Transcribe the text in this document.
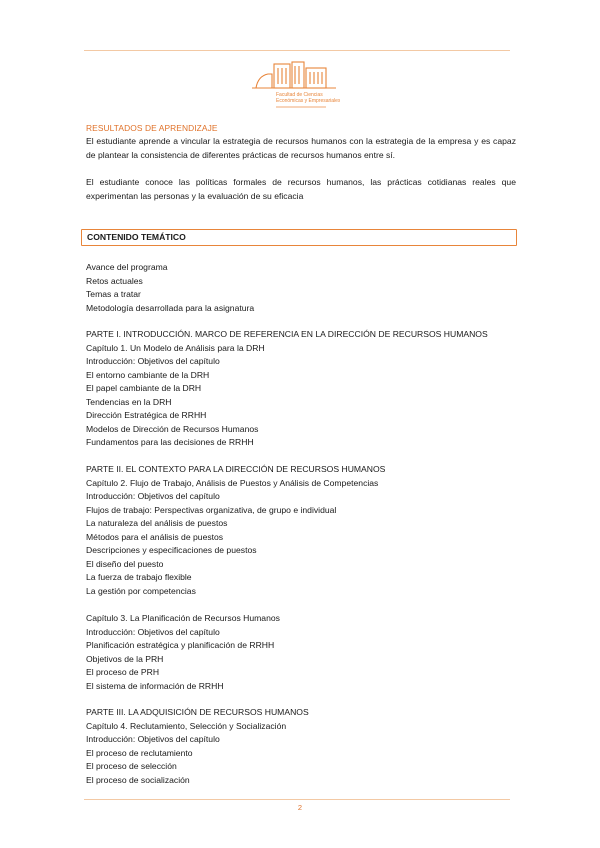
Facultad de Ciencias
Económicas y Empresariales
RESULTADOS DE APRENDIZAJE
El estudiante aprende a vincular la estrategia de recursos humanos con la estrategia de la empresa y es capaz de plantear la consistencia de diferentes prácticas de recursos humanos entre sí.
El estudiante conoce las políticas formales de recursos humanos, las prácticas cotidianas reales que experimentan las personas y la evaluación de su eficacia
CONTENIDO TEMÁTICO
Avance del programa
Retos actuales
Temas a tratar
Metodología desarrollada para la asignatura
PARTE I. INTRODUCCIÓN. MARCO DE REFERENCIA EN LA DIRECCIÓN DE RECURSOS HUMANOS
Capítulo 1. Un Modelo de Análisis para la DRH
Introducción: Objetivos del capítulo
El entorno cambiante de la DRH
El papel cambiante de la DRH
Tendencias en la DRH
Dirección Estratégica de RRHH
Modelos de Dirección de Recursos Humanos
Fundamentos para las decisiones de RRHH
PARTE II. EL CONTEXTO PARA LA DIRECCIÓN DE RECURSOS HUMANOS
Capítulo 2. Flujo de Trabajo, Análisis de Puestos y Análisis de Competencias
Introducción: Objetivos del capítulo
Flujos de trabajo: Perspectivas organizativa, de grupo e individual
La naturaleza del análisis de puestos
Métodos para el análisis de puestos
Descripciones y especificaciones de puestos
El diseño del puesto
La fuerza de trabajo flexible
La gestión por competencias
Capítulo 3. La Planificación de Recursos Humanos
Introducción: Objetivos del capítulo
Planificación estratégica y planificación de RRHH
Objetivos de la PRH
El proceso de PRH
El sistema de información de RRHH
PARTE III. LA ADQUISICIÓN DE RECURSOS HUMANOS
Capítulo 4. Reclutamiento, Selección y Socialización
Introducción: Objetivos del capítulo
El proceso de reclutamiento
El proceso de selección
El proceso de socialización
2
